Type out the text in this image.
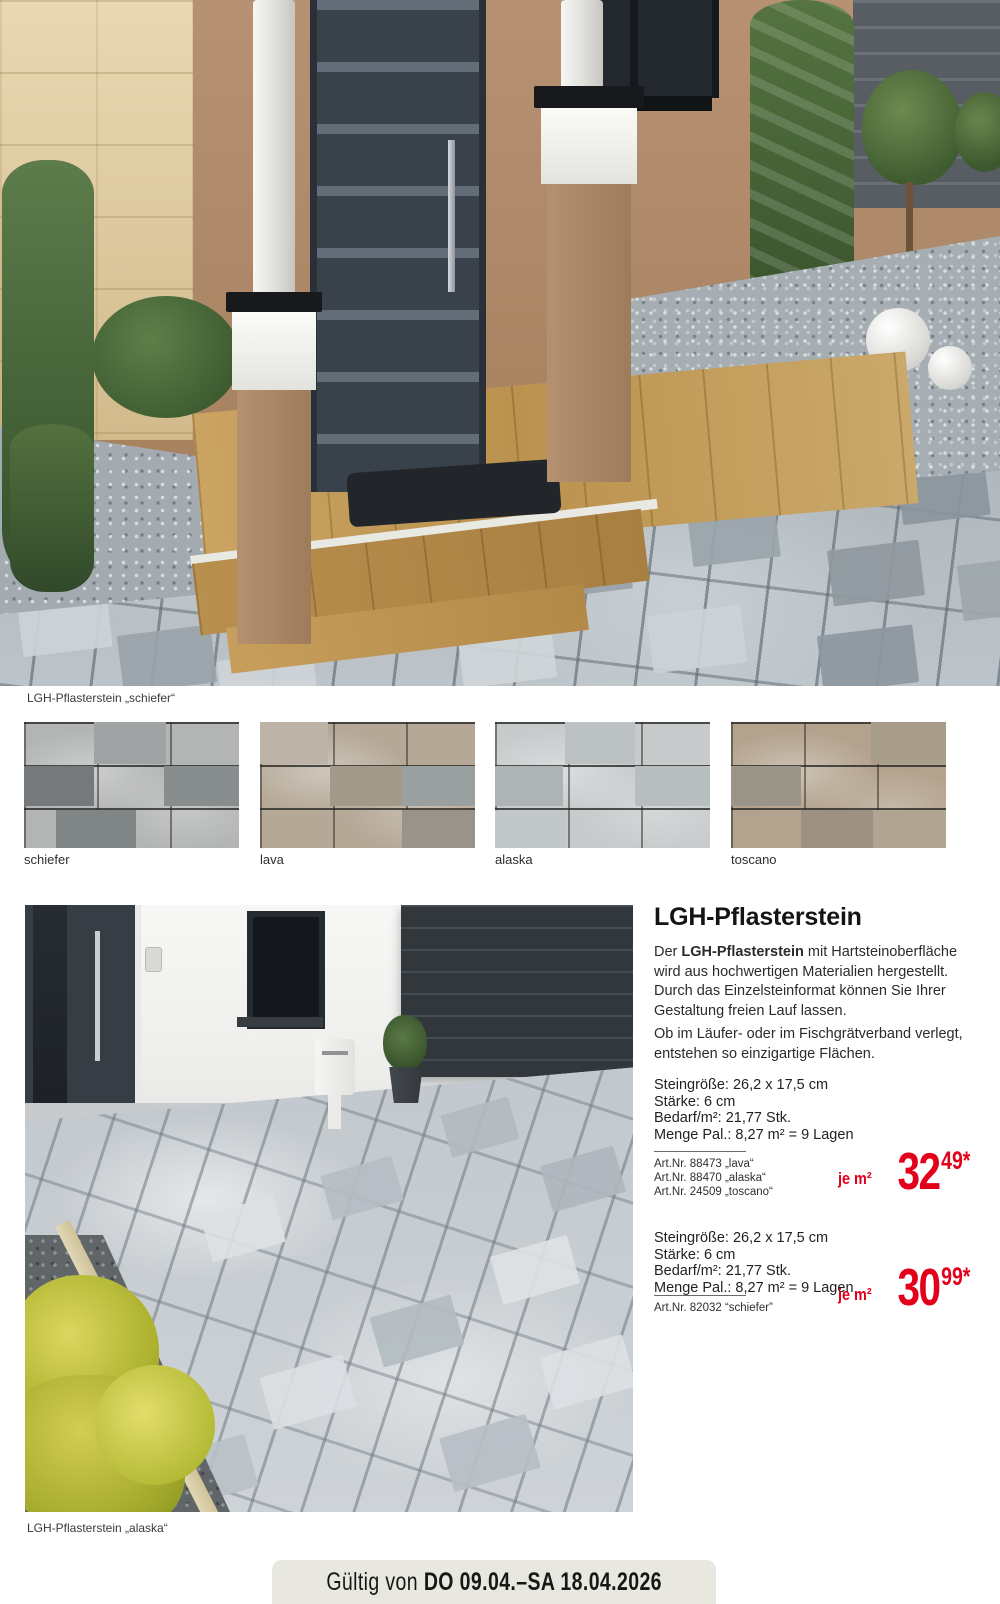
LGH-Pflasterstein „schiefer“
schiefer	lava	alaska	toscano
LGH-Pflasterstein „alaska“
LGH-Pflasterstein
Der LGH-Pflasterstein mit Hartsteinoberfläche wird aus hochwertigen Materialien hergestellt. Durch das Einzelsteinformat können Sie Ihrer Gestaltung freien Lauf lassen.
Ob im Läufer- oder im Fischgrätverband verlegt, entstehen so einzigartige Flächen.
Steingröße: 26,2 x 17,5 cm
Stärke: 6 cm
Bedarf/m²: 21,77 Stk.
Menge Pal.: 8,27 m² = 9 Lagen
Art.Nr. 88473 „lava“
Art.Nr. 88470 „alaska“
Art.Nr. 24509 „toscano“
je m² 32 49*
Steingröße: 26,2 x 17,5 cm
Stärke: 6 cm
Bedarf/m²: 21,77 Stk.
Menge Pal.: 8,27 m² = 9 Lagen
Art.Nr. 82032 “schiefer”
je m² 30 99*
Gültig von DO 09.04.–SA 18.04.2026
